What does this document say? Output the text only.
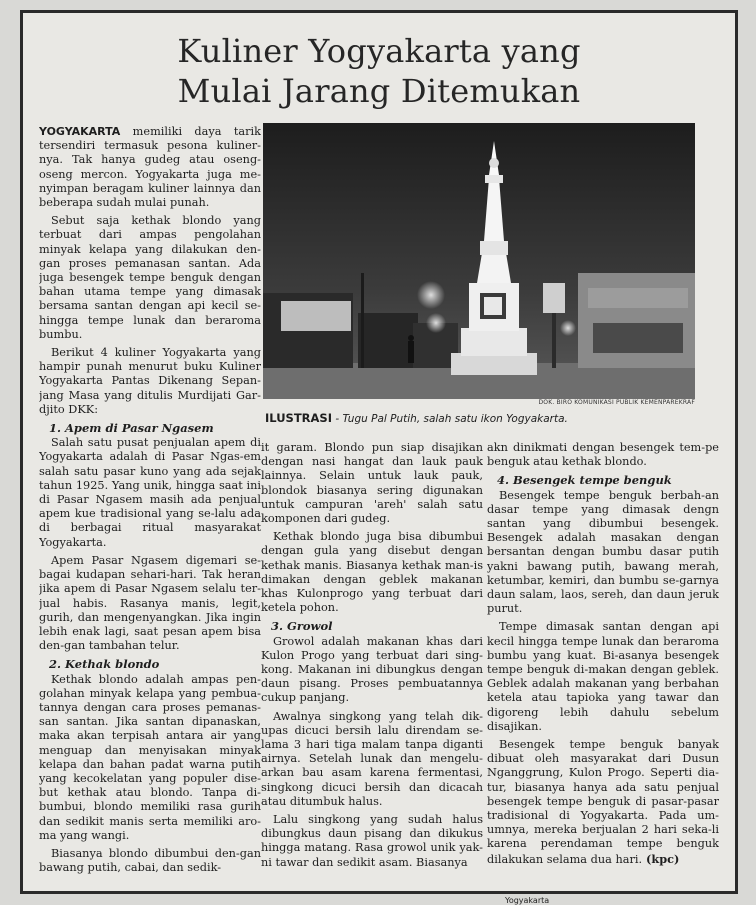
Kuliner Yogyakarta yang
Mulai Jarang Ditemukan

YOGYAKARTA memiliki daya tarik tersendiri termasuk pesona kuliner-nya. Tak hanya gudeg atau oseng-oseng mercon. Yogyakarta juga me-nyimpan beragam kuliner lainnya dan beberapa sudah mulai punah.

Sebut saja kethak blondo yang terbuat dari ampas pengolahan minyak kelapa yang dilakukan den-gan proses pemanasan santan. Ada juga besengek tempe benguk dengan bahan utama tempe yang dimasak bersama santan dengan api kecil se-hingga tempe lunak dan beraroma bumbu.

Berikut 4 kuliner Yogyakarta yang hampir punah menurut buku Kuliner Yogyakarta Pantas Dikenang Sepan-jang Masa yang ditulis Murdijati Gar-djito DKK:

1. Apem di Pasar Ngasem

Salah satu pusat penjualan apem di Yogyakarta adalah di Pasar Ngas-em salah satu pasar kuno yang ada sejak tahun 1925. Yang unik, hingga saat ini di Pasar Ngasem masih ada penjual apem kue tradisional yang se-lalu ada di berbagai ritual masyarakat Yogyakarta.

Apem Pasar Ngasem digemari se-bagai kudapan sehari-hari. Tak heran jika apem di Pasar Ngasem selalu ter-jual habis. Rasanya manis, legit, gurih, dan mengenyangkan. Jika ingin lebih enak lagi, saat pesan apem bisa den-gan tambahan telur.

2. Kethak blondo

Kethak blondo adalah ampas pen-golahan minyak kelapa yang pembua-tannya dengan cara proses pemanas-san santan. Jika santan dipanaskan, maka akan terpisah antara air yang menguap dan menyisakan minyak kelapa dan bahan padat warna putih yang kecokelatan yang populer dise-but kethak atau blondo. Tanpa di-bumbui, blondo memiliki rasa gurih dan sedikit manis serta memiliki aro-ma yang wangi.

Biasanya blondo dibumbui den-gan bawang putih, cabai, dan sedik-

DOK. BIRO KOMUNIKASI PUBLIK KEMENPAREKRAF
ILUSTRASI - Tugu Pal Putih, salah satu ikon Yogyakarta.

it garam. Blondo pun siap disajikan dengan nasi hangat dan lauk pauk lainnya. Selain untuk lauk pauk, blondok biasanya sering digunakan untuk campuran 'areh' salah satu komponen dari gudeg.

Kethak blondo juga bisa dibumbui dengan gula yang disebut dengan kethak manis. Biasanya kethak man-is dimakan dengan geblek makanan khas Kulonprogo yang terbuat dari ketela pohon.

3. Growol

Growol adalah makanan khas dari Kulon Progo yang terbuat dari sing-kong. Makanan ini dibungkus dengan daun pisang. Proses pembuatannya cukup panjang.

Awalnya singkong yang telah dik-upas dicuci bersih lalu direndam se-lama 3 hari tiga malam tanpa diganti airnya. Setelah lunak dan mengelu-arkan bau asam karena fermentasi, singkong dicuci bersih dan dicacah atau ditumbuk halus.

Lalu singkong yang sudah halus dibungkus daun pisang dan dikukus hingga matang. Rasa growol unik yak-ni tawar dan sedikit asam. Biasanya

akn dinikmati dengan besengek tem-pe benguk atau kethak blondo.

4. Besengek tempe benguk

Besengek tempe benguk berbah-an dasar tempe yang dimasak dengn santan yang dibumbui besengek. Besengek adalah masakan dengan bersantan dengan bumbu dasar putih yakni bawang putih, bawang merah, ketumbar, kemiri, dan bumbu se-garnya daun salam, laos, sereh, dan daun jeruk purut.

Tempe dimasak santan dengan api kecil hingga tempe lunak dan beraroma bumbu yang kuat. Bi-asanya besengek tempe benguk di-makan dengan geblek. Geblek adalah makanan yang berbahan ketela atau tapioka yang tawar dan digoreng lebih dahulu sebelum disajikan.

Besengek tempe benguk banyak dibuat oleh masyarakat dari Dusun Nganggrung, Kulon Progo. Seperti dia-tur, biasanya hanya ada satu penjual besengek tempe benguk di pasar-pasar tradisional di Yogyakarta. Pada um-umnya, mereka berjualan 2 hari seka-li karena perendaman tempe benguk dilakukan selama dua hari. (kpc)

Yogyakarta
